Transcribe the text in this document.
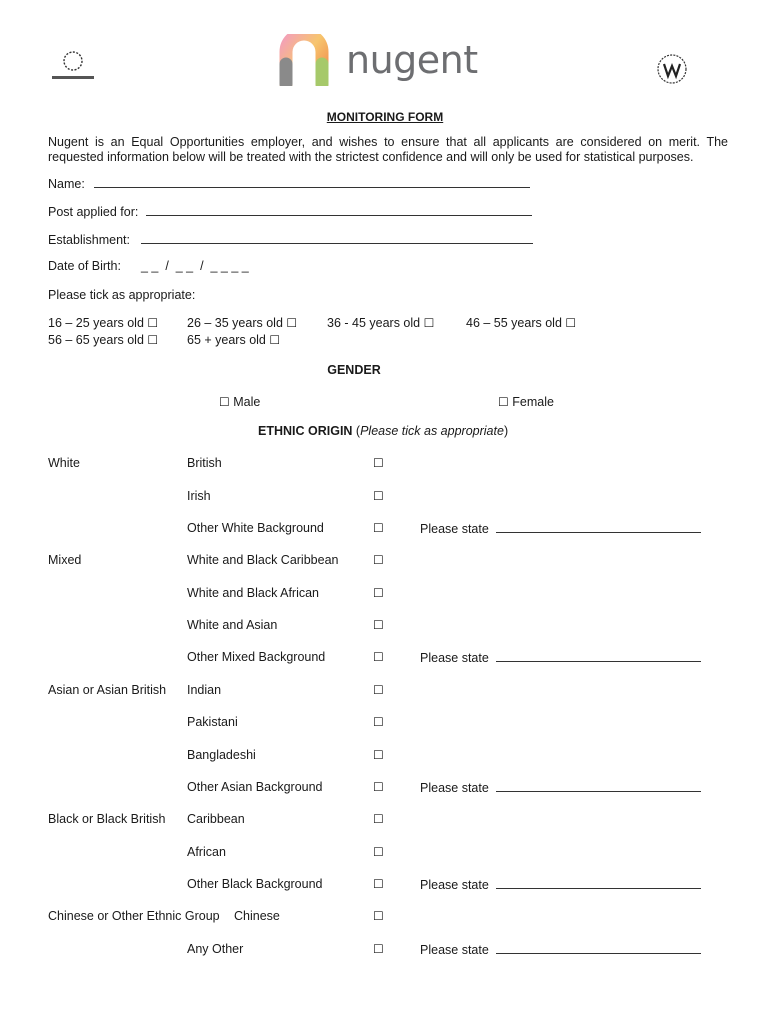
nugent
MONITORING FORM
Nugent is an Equal Opportunities employer, and wishes to ensure that all applicants are considered on merit. The requested information below will be treated with the strictest confidence and will only be used for statistical purposes.
Name:
Post applied for:
Establishment:
Date of Birth: _ _  /  _ _  /  _ _ _ _
Please tick as appropriate:
16 – 25 years old ☐ 26 – 35 years old ☐ 36 - 45 years old ☐	46 – 55 years old ☐
56 – 65 years old ☐ 65 + years old ☐
GENDER
☐ Male	☐ Female
ETHNIC ORIGIN (Please tick as appropriate)
White
Mixed
Asian or Asian British
Black or Black British
Chinese or Other Ethnic Group
British
Irish
Other White Background
White and Black Caribbean
White and Black African
White and Asian
Other Mixed Background
Indian
Pakistani
Bangladeshi
Other Asian Background
Caribbean
African
Other Black Background
Chinese
Any Other
☐
☐
☐
☐
☐
☐
☐
☐
☐
☐
☐
☐
☐
☐
☐
☐
Please state
Please state
Please state
Please state
Please state
